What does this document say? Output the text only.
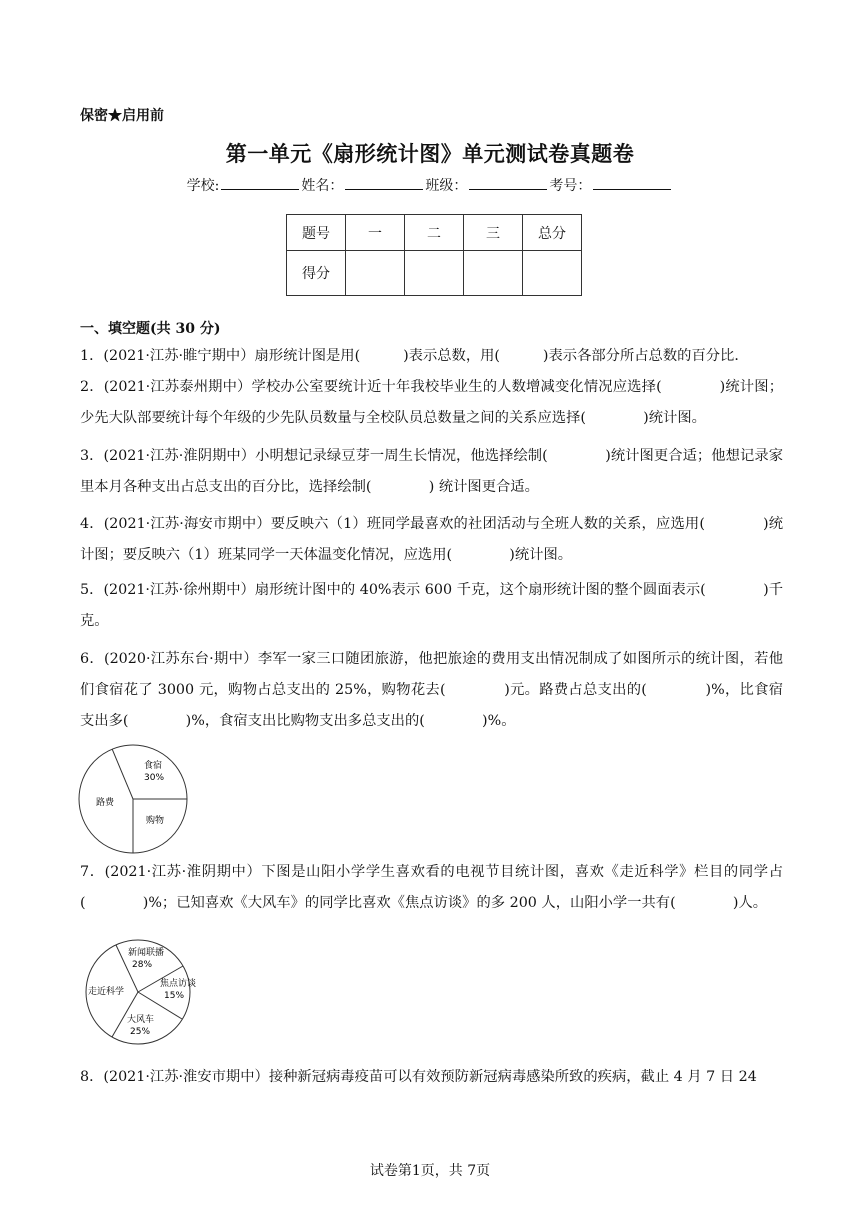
保密★启用前
第一单元《扇形统计图》单元测试卷真题卷
学校:	姓名：	班级：	考号：
题号	一	二	三	总分
得分				
一、填空题(共 30 分)
1．(2021·江苏·睢宁期中）扇形统计图是用(　　　)表示总数，用(　　　)表示各部分所占总数的百分比．
2．(2021·江苏泰州期中）学校办公室要统计近十年我校毕业生的人数增减变化情况应选择(　　　　)统计图；少先大队部要统计每个年级的少先队员数量与全校队员总数量之间的关系应选择(　　　　)统计图。
3．(2021·江苏·淮阴期中）小明想记录绿豆芽一周生长情况，他选择绘制(　　　　)统计图更合适；他想记录家里本月各种支出占总支出的百分比，选择绘制(　　　　) 统计图更合适。
4．(2021·江苏·海安市期中）要反映六（1）班同学最喜欢的社团活动与全班人数的关系，应选用(　　　　)统计图；要反映六（1）班某同学一天体温变化情况，应选用(　　　　)统计图。
5．(2021·江苏·徐州期中）扇形统计图中的 40%表示 600 千克，这个扇形统计图的整个圆面表示(　　　　)千克。
6．(2020·江苏东台·期中）李军一家三口随团旅游，他把旅途的费用支出情况制成了如图所示的统计图，若他们食宿花了 3000 元，购物占总支出的 25%，购物花去(　　　　)元。路费占总支出的(　　　　)%，比食宿支出多(　　　　)%，食宿支出比购物支出多总支出的(　　　　)%。
食宿
30%
路费
购物
7．(2021·江苏·淮阴期中）下图是山阳小学学生喜欢看的电视节目统计图，喜欢《走近科学》栏目的同学占(　　　　)%；已知喜欢《大风车》的同学比喜欢《焦点访谈》的多 200 人，山阳小学一共有(　　　　)人。
新闻联播
28%
焦点访谈
15%
大风车
25%
走近科学
8．(2021·江苏·淮安市期中）接种新冠病毒疫苗可以有效预防新冠病毒感染所致的疾病，截止 4 月 7 日 24
试卷第1页，共 7页
